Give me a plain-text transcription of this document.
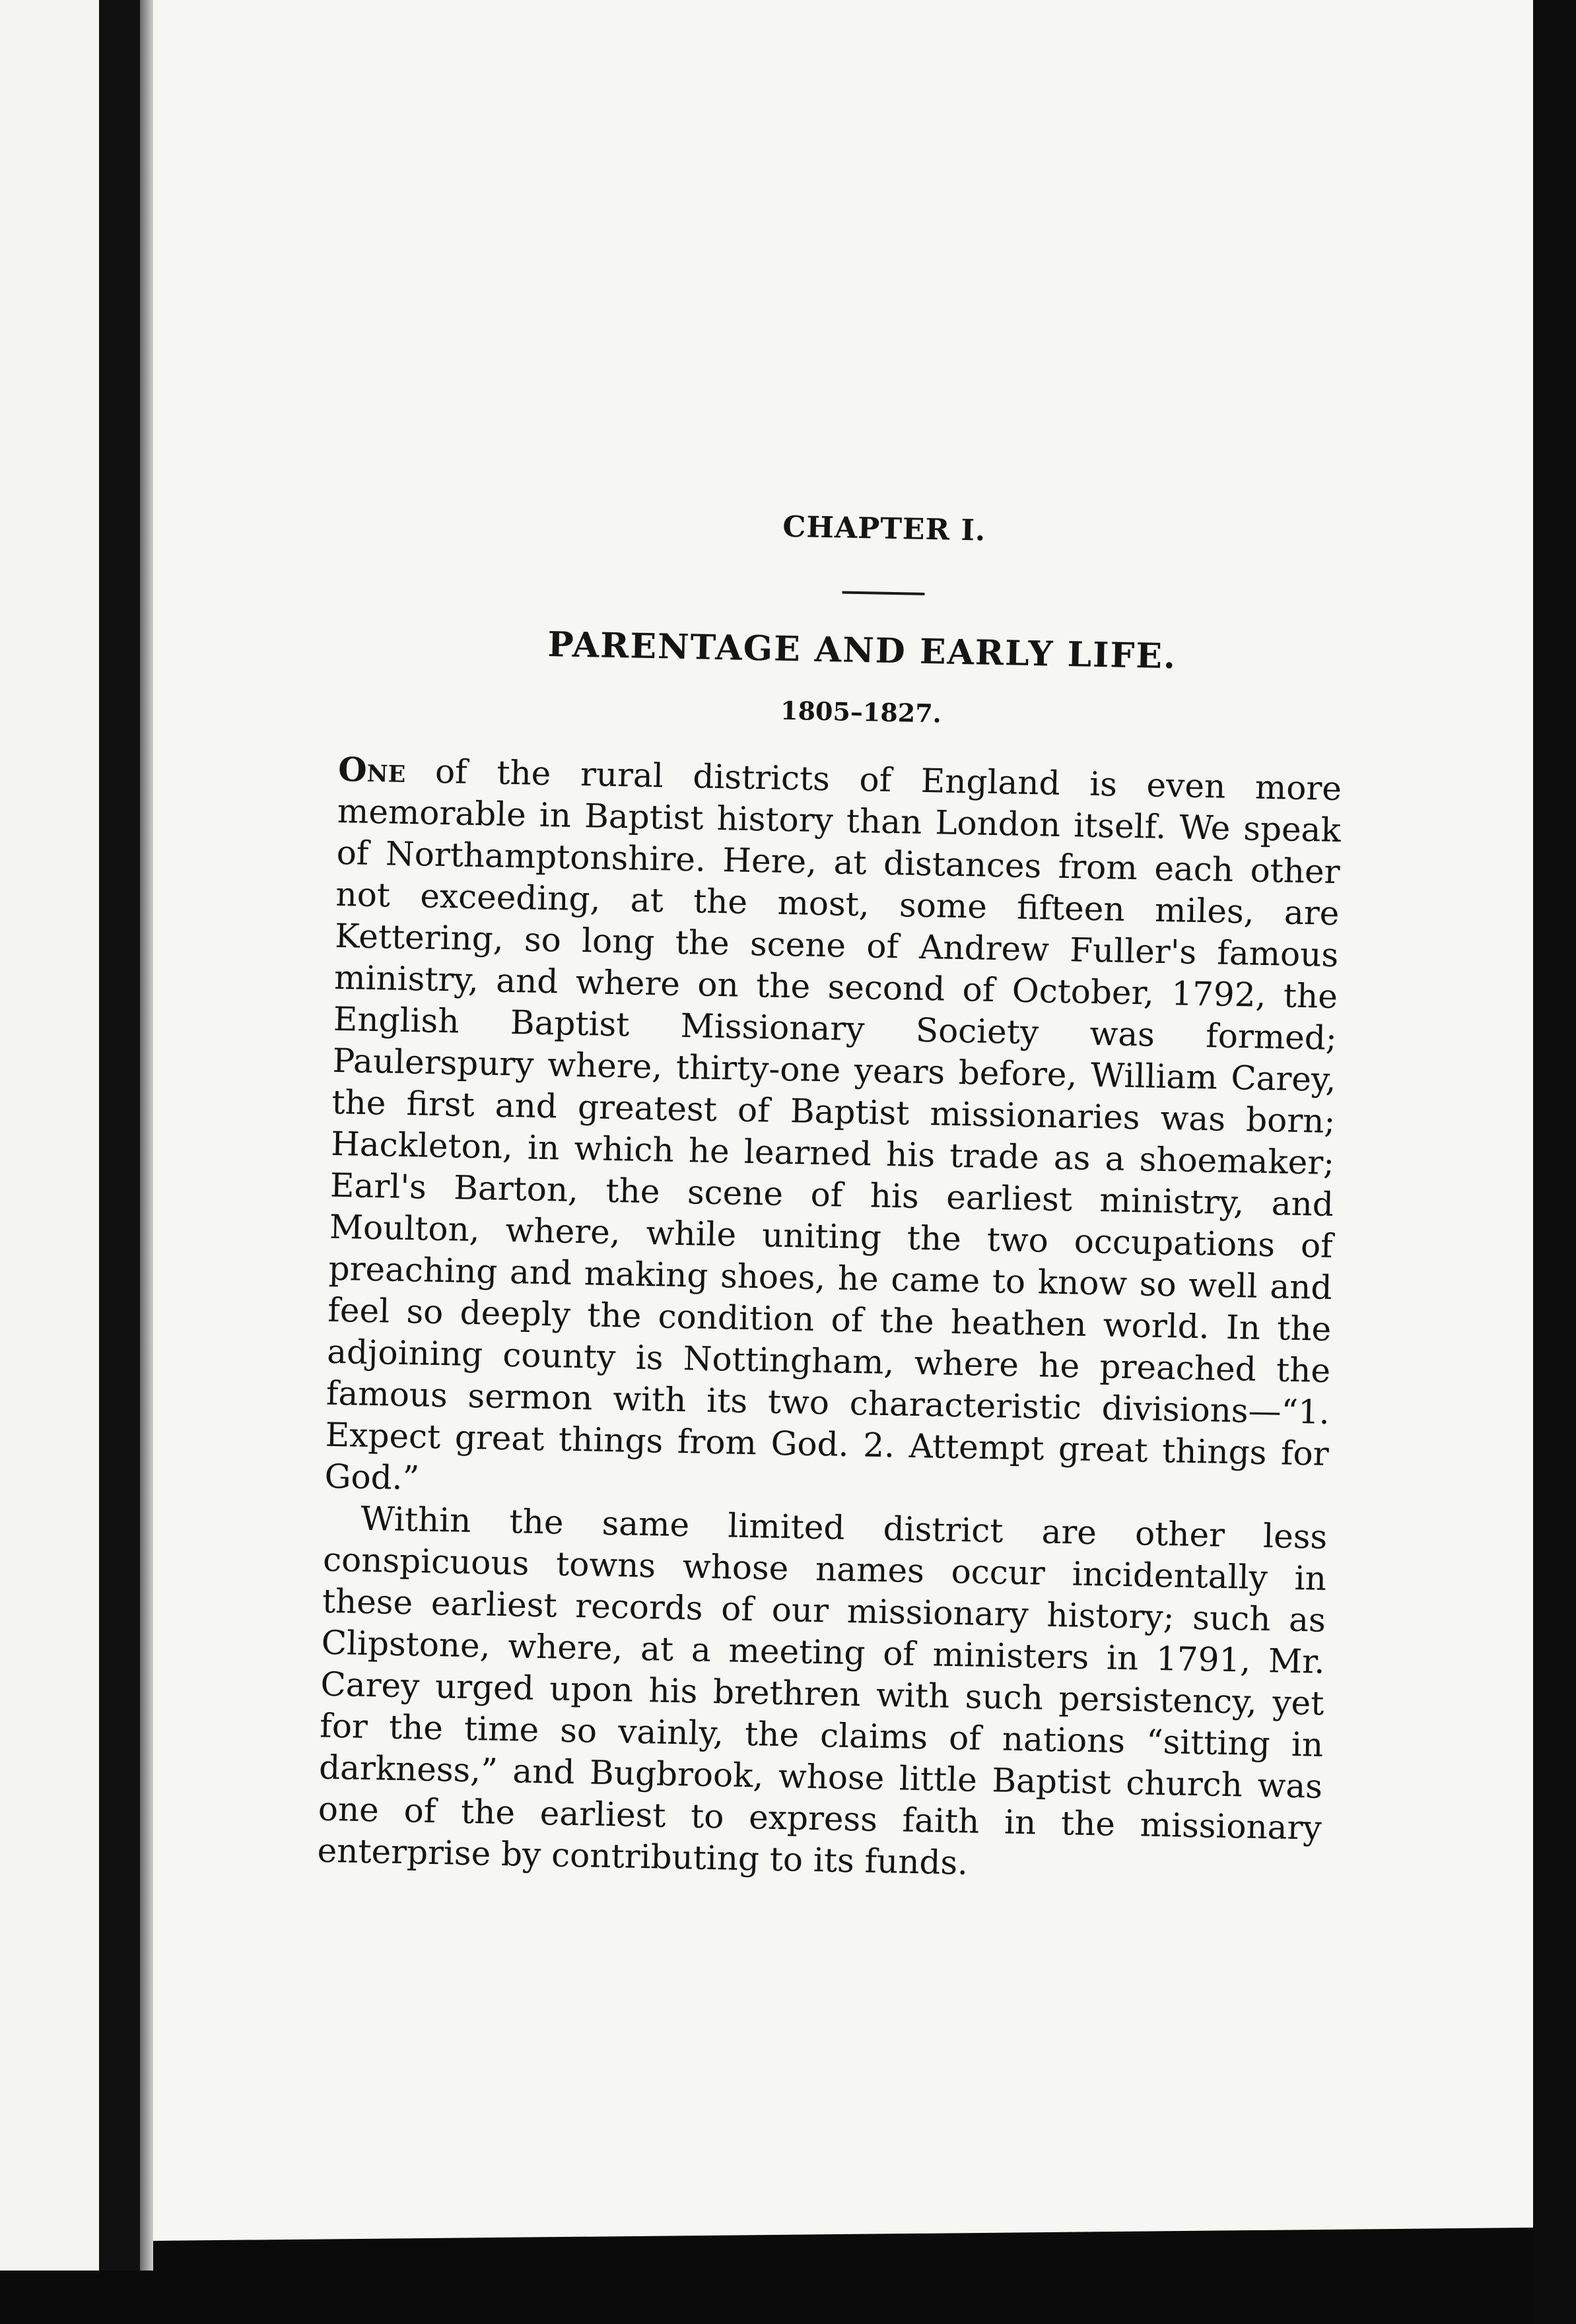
CHAPTER I.
PARENTAGE AND EARLY LIFE.
1805–1827.

One of the rural districts of England is even more memorable in Baptist history than London itself. We speak of Northamptonshire. Here, at distances from each other not exceeding, at the most, some fifteen miles, are Kettering, so long the scene of Andrew Fuller's famous ministry, and where on the second of October, 1792, the English Baptist Missionary Society was formed; Paulerspury where, thirty-one years before, William Carey, the first and greatest of Baptist missionaries was born; Hackleton, in which he learned his trade as a shoemaker; Earl's Barton, the scene of his earliest ministry, and Moulton, where, while uniting the two occupations of preaching and making shoes, he came to know so well and feel so deeply the condition of the heathen world. In the adjoining county is Nottingham, where he preached the famous sermon with its two characteristic divisions—“1. Expect great things from God. 2. Attempt great things for God.”

Within the same limited district are other less conspicuous towns whose names occur incidentally in these earliest records of our missionary history; such as Clipstone, where, at a meeting of ministers in 1791, Mr. Carey urged upon his brethren with such persistency, yet for the time so vainly, the claims of nations “sitting in darkness,” and Bugbrook, whose little Baptist church was one of the earliest to express faith in the missionary enterprise by contributing to its funds.
